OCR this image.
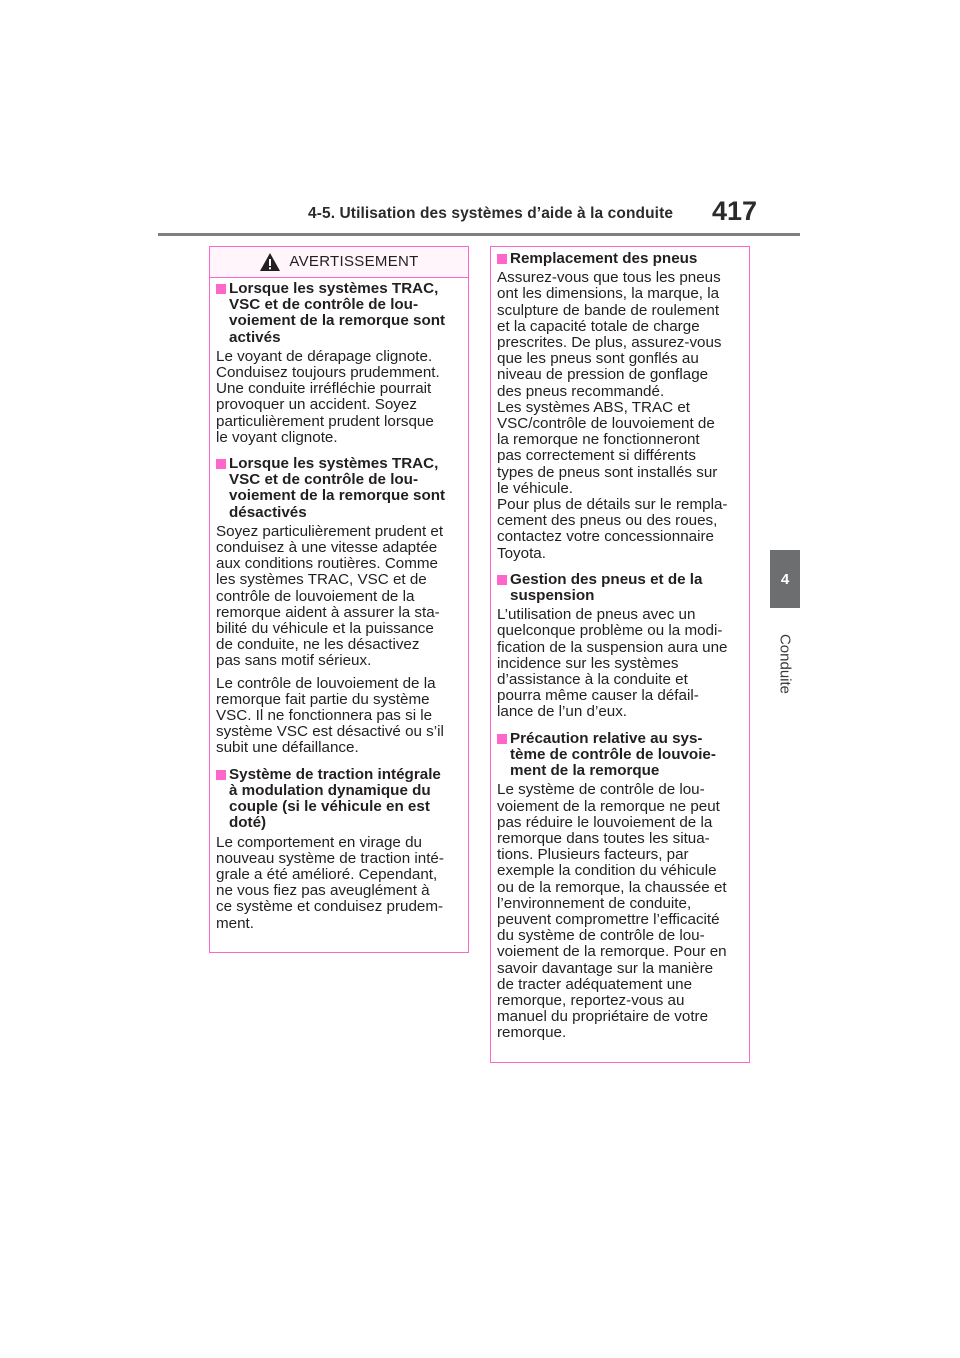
4-5. Utilisation des systèmes d’aide à la conduite 417
4
Conduite
AVERTISSEMENT
Lorsque les systèmes TRAC,
VSC et de contrôle de lou-
voiement de la remorque sont
activés

Le voyant de dérapage clignote.
Conduisez toujours prudemment.
Une conduite irréfléchie pourrait
provoquer un accident. Soyez
particulièrement prudent lorsque
le voyant clignote.

Lorsque les systèmes TRAC,
VSC et de contrôle de lou-
voiement de la remorque sont
désactivés

Soyez particulièrement prudent et
conduisez à une vitesse adaptée
aux conditions routières. Comme
les systèmes TRAC, VSC et de
contrôle de louvoiement de la
remorque aident à assurer la sta-
bilité du véhicule et la puissance
de conduite, ne les désactivez
pas sans motif sérieux.

Le contrôle de louvoiement de la
remorque fait partie du système
VSC. Il ne fonctionnera pas si le
système VSC est désactivé ou s’il
subit une défaillance.

Système de traction intégrale
à modulation dynamique du
couple (si le véhicule en est
doté)

Le comportement en virage du
nouveau système de traction inté-
grale a été amélioré. Cependant,
ne vous fiez pas aveuglément à
ce système et conduisez prudem-
ment.

Remplacement des pneus

Assurez-vous que tous les pneus
ont les dimensions, la marque, la
sculpture de bande de roulement
et la capacité totale de charge
prescrites. De plus, assurez-vous
que les pneus sont gonflés au
niveau de pression de gonflage
des pneus recommandé.
Les systèmes ABS, TRAC et
VSC/contrôle de louvoiement de
la remorque ne fonctionneront
pas correctement si différents
types de pneus sont installés sur
le véhicule.
Pour plus de détails sur le rempla-
cement des pneus ou des roues,
contactez votre concessionnaire
Toyota.

Gestion des pneus et de la
suspension

L’utilisation de pneus avec un
quelconque problème ou la modi-
fication de la suspension aura une
incidence sur les systèmes
d’assistance à la conduite et
pourra même causer la défail-
lance de l’un d’eux.

Précaution relative au sys-
tème de contrôle de louvoie-
ment de la remorque

Le système de contrôle de lou-
voiement de la remorque ne peut
pas réduire le louvoiement de la
remorque dans toutes les situa-
tions. Plusieurs facteurs, par
exemple la condition du véhicule
ou de la remorque, la chaussée et
l’environnement de conduite,
peuvent compromettre l’efficacité
du système de contrôle de lou-
voiement de la remorque. Pour en
savoir davantage sur la manière
de tracter adéquatement une
remorque, reportez-vous au
manuel du propriétaire de votre
remorque.
